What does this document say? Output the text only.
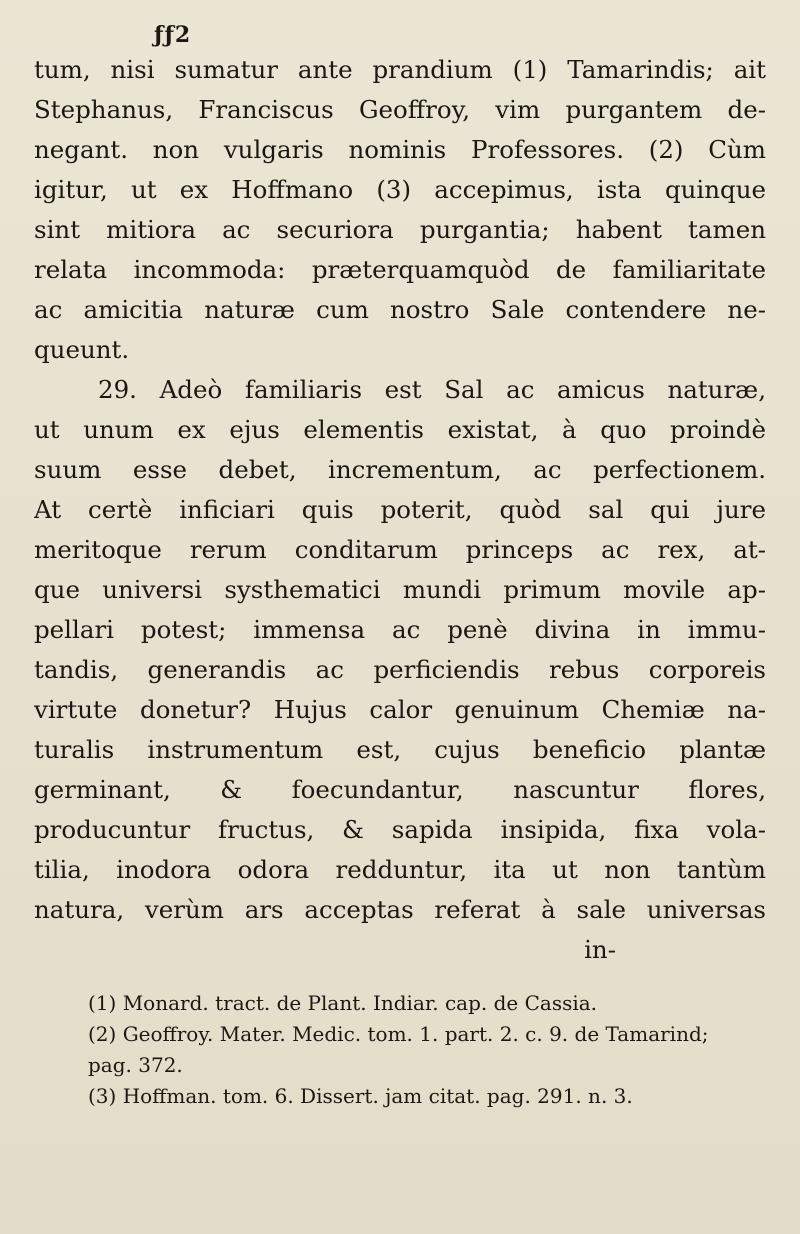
ƒƒ2
tum, nisi sumatur ante prandium (1) Tamarindis; ait
Stephanus, Franciscus Geoffroy, vim purgantem de-
negant. non vulgaris nominis Professores. (2) Cùm
igitur, ut ex Hoffmano (3) accepimus, ista quinque
sint mitiora ac securiora purgantia; habent tamen
relata incommoda: præterquamquòd de familiaritate
ac amicitia naturæ cum nostro Sale contendere ne-
queunt.
29. Adeò familiaris est Sal ac amicus naturæ,
ut unum ex ejus elementis existat, à quo proindè
suum esse debet, incrementum, ac perfectionem.
At certè inficiari quis poterit, quòd sal qui jure
meritoque rerum conditarum princeps ac rex, at-
que universi systhematici mundi primum movile ap-
pellari potest; immensa ac penè divina in immu-
tandis, generandis ac perficiendis rebus corporeis
virtute donetur? Hujus calor genuinum Chemiæ na-
turalis instrumentum est, cujus beneficio plantæ
germinant, & foecundantur, nascuntur flores,
producuntur fructus, & sapida insipida, fixa vola-
tilia, inodora odora redduntur, ita ut non tantùm
natura, verùm ars acceptas referat à sale universas
in-
(1) Monard. tract. de Plant. Indiar. cap. de Cassia.
(2) Geoffroy. Mater. Medic. tom. 1. part. 2. c. 9. de Tamarind;
pag. 372.
(3) Hoffman. tom. 6. Dissert. jam citat. pag. 291. n. 3.
